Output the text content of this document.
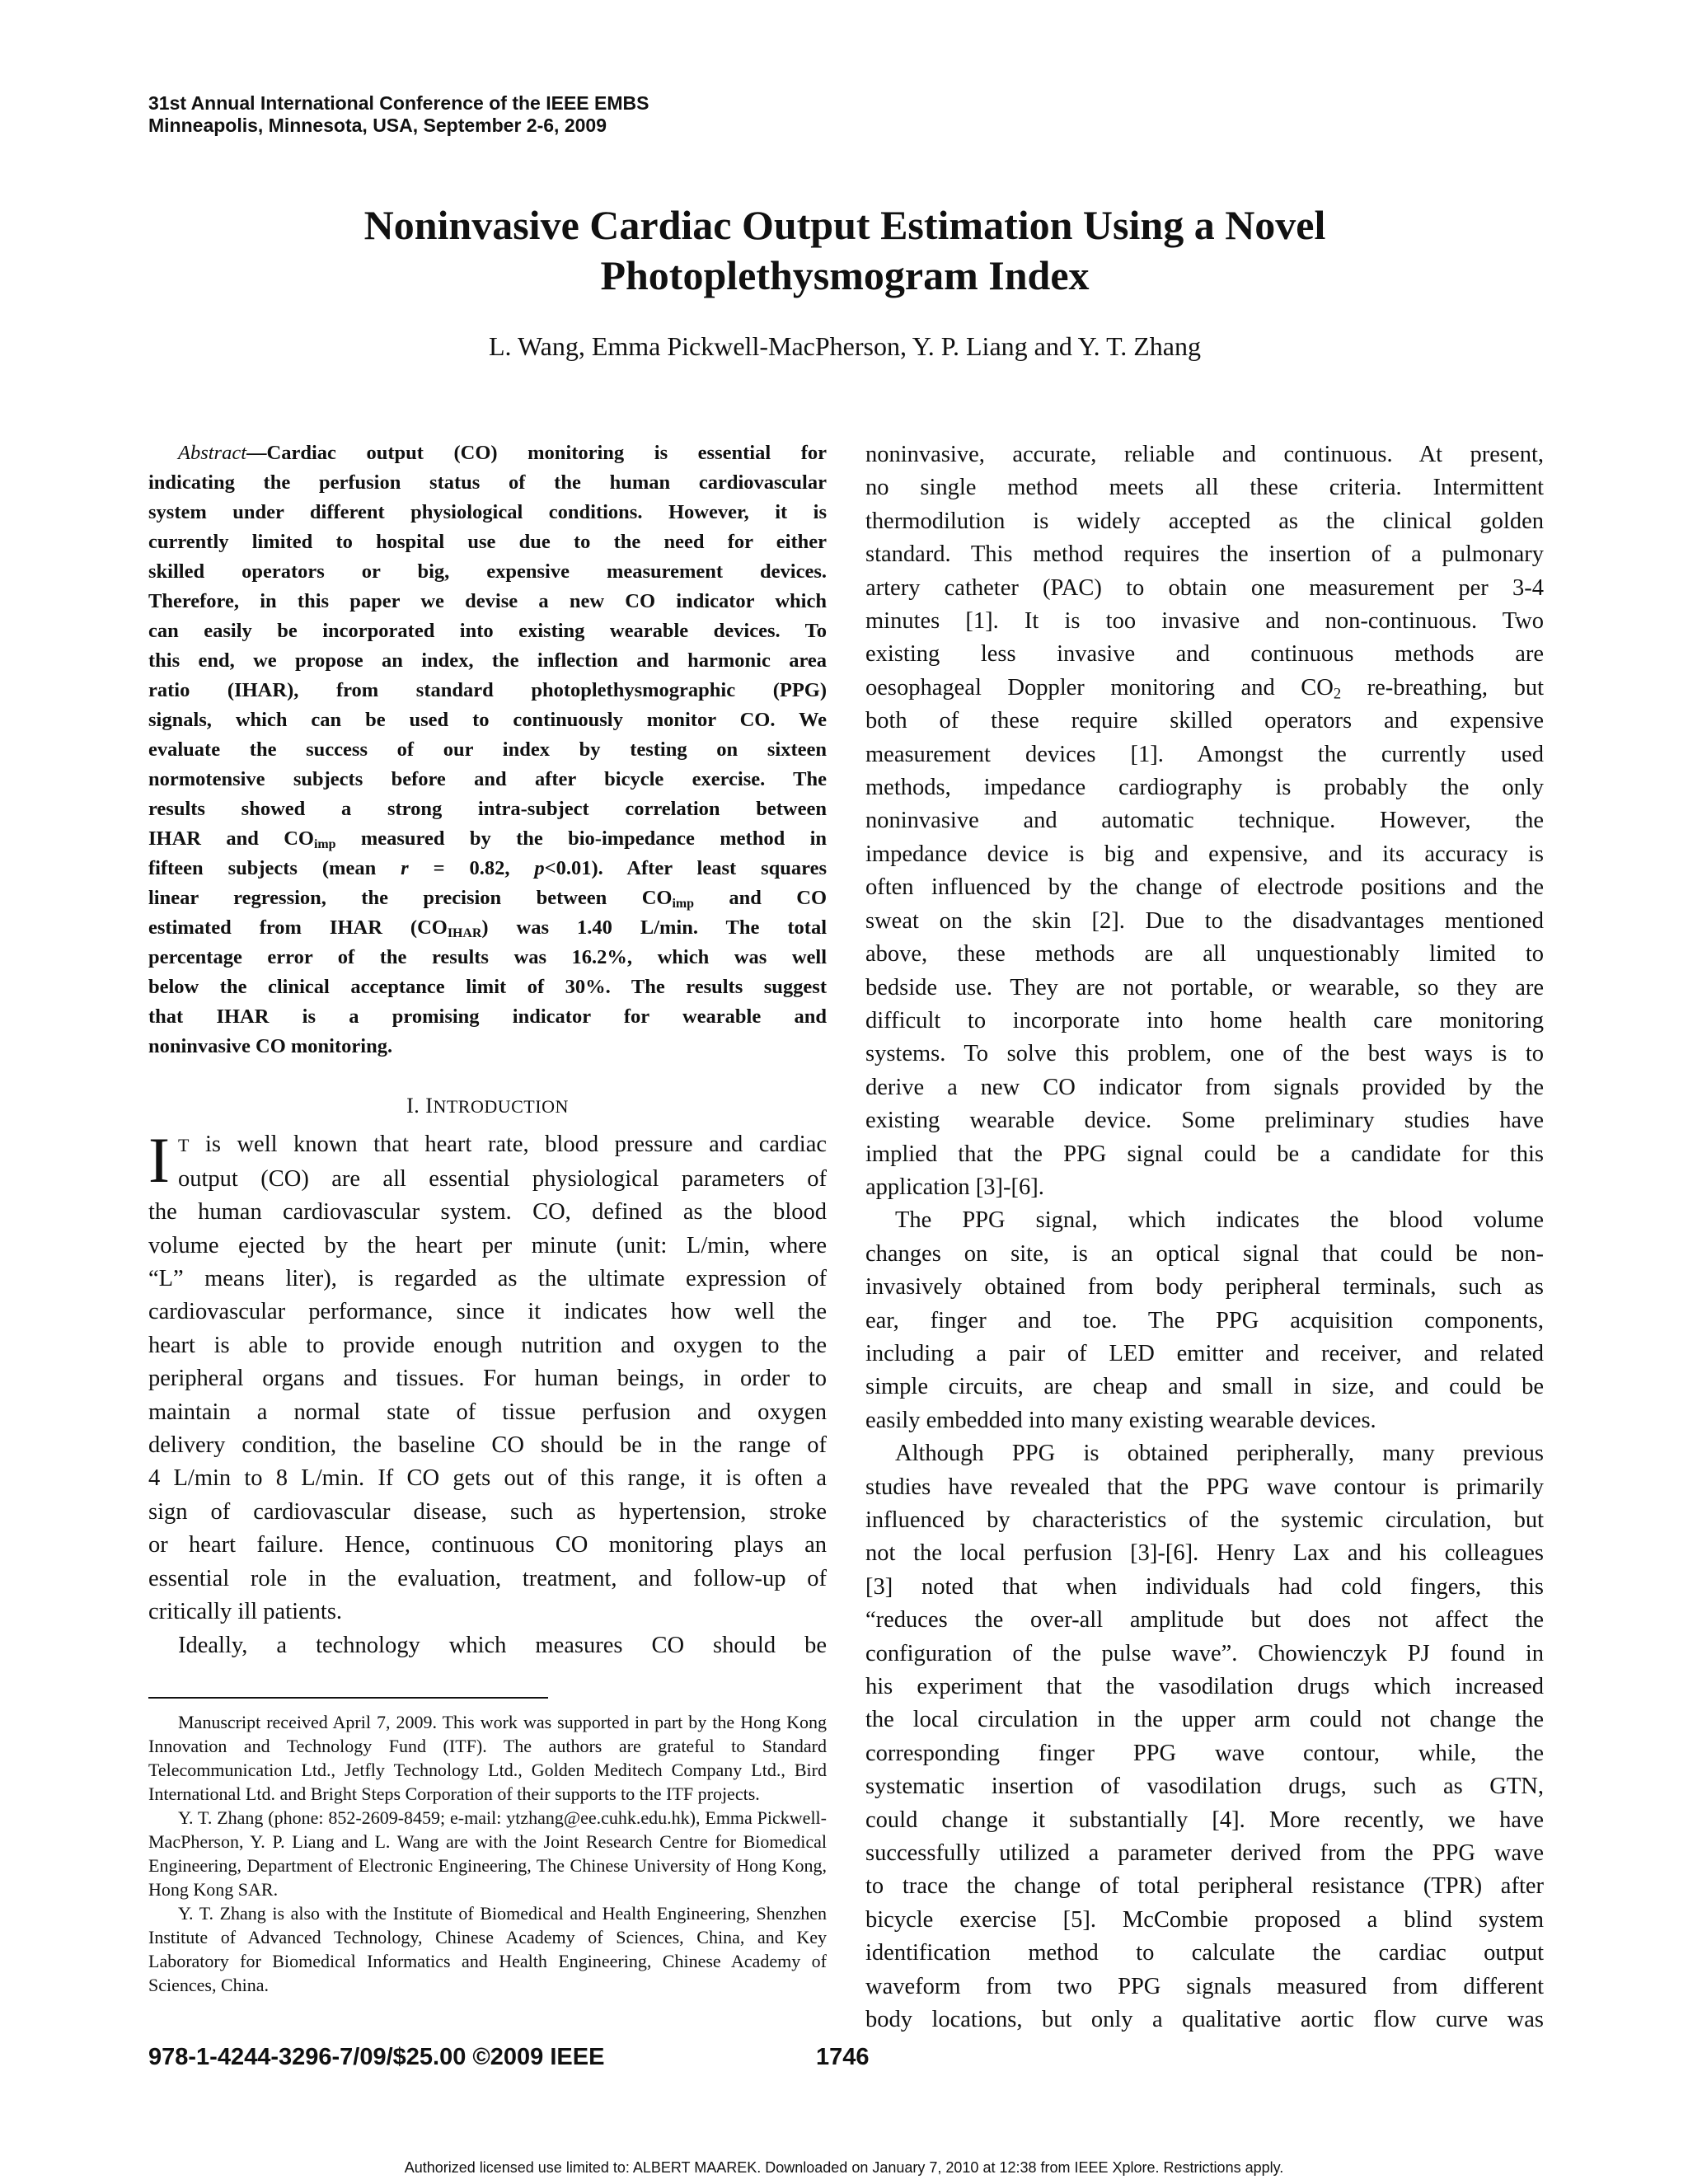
31st Annual International Conference of the IEEE EMBS
Minneapolis, Minnesota, USA, September 2-6, 2009
Noninvasive Cardiac Output Estimation Using a Novel
Photoplethysmogram Index
L. Wang, Emma Pickwell-MacPherson, Y. P. Liang and Y. T. Zhang

Abstract—Cardiac output (CO) monitoring is essential for

indicating the perfusion status of the human cardiovascular

system under different physiological conditions. However, it is

currently limited to hospital use due to the need for either

skilled operators or big, expensive measurement devices.

Therefore, in this paper we devise a new CO indicator which

can easily be incorporated into existing wearable devices. To

this end, we propose an index, the inflection and harmonic area

ratio (IHAR), from standard photoplethysmographic (PPG)

signals, which can be used to continuously monitor CO. We

evaluate the success of our index by testing on sixteen

normotensive subjects before and after bicycle exercise. The

results showed a strong intra-subject correlation between

IHAR and $CO_{imp}$ measured by the bio-impedance method in

fifteen subjects (mean r = 0.82, p<0.01). After least squares

linear regression, the precision between $CO_{imp}$ and CO

estimated from IHAR $(CO_{IHAR})$ was 1.40 L/min. The total

percentage error of the results was 16.2%, which was well

below the clinical acceptance limit of 30%. The results suggest

that IHAR is a promising indicator for wearable and

noninvasive CO monitoring.

I. INTRODUCTION
I T is well known that heart rate, blood pressure and cardiac

output (CO) are all essential physiological parameters of

the human cardiovascular system. CO, defined as the blood

volume ejected by the heart per minute (unit: L/min, where

“L” means liter), is regarded as the ultimate expression of

cardiovascular performance, since it indicates how well the

heart is able to provide enough nutrition and oxygen to the

peripheral organs and tissues. For human beings, in order to

maintain a normal state of tissue perfusion and oxygen

delivery condition, the baseline CO should be in the range of

4 L/min to 8 L/min. If CO gets out of this range, it is often a

sign of cardiovascular disease, such as hypertension, stroke

or heart failure. Hence, continuous CO monitoring plays an

essential role in the evaluation, treatment, and follow-up of

critically ill patients.

Ideally, a technology which measures CO should be

Manuscript received April 7, 2009. This work was supported in part by the Hong Kong Innovation and Technology Fund (ITF). The authors are grateful to Standard Telecommunication Ltd., Jetfly Technology Ltd., Golden Meditech Company Ltd., Bird International Ltd. and Bright Steps Corporation of their supports to the ITF projects.

Y. T. Zhang (phone: 852-2609-8459; e-mail: ytzhang@ee.cuhk.edu.hk), Emma Pickwell-MacPherson, Y. P. Liang and L. Wang are with the Joint Research Centre for Biomedical Engineering, Department of Electronic Engineering, The Chinese University of Hong Kong, Hong Kong SAR.

Y. T. Zhang is also with the Institute of Biomedical and Health Engineering, Shenzhen Institute of Advanced Technology, Chinese Academy of Sciences, China, and Key Laboratory for Biomedical Informatics and Health Engineering, Chinese Academy of Sciences, China.

noninvasive, accurate, reliable and continuous. At present,

no single method meets all these criteria. Intermittent

thermodilution is widely accepted as the clinical golden

standard. This method requires the insertion of a pulmonary

artery catheter (PAC) to obtain one measurement per 3-4

minutes [1]. It is too invasive and non-continuous. Two

existing less invasive and continuous methods are

oesophageal Doppler monitoring and $CO_2$ re-breathing, but

both of these require skilled operators and expensive

measurement devices [1]. Amongst the currently used

methods, impedance cardiography is probably the only

noninvasive and automatic technique. However, the

impedance device is big and expensive, and its accuracy is

often influenced by the change of electrode positions and the

sweat on the skin [2]. Due to the disadvantages mentioned

above, these methods are all unquestionably limited to

bedside use. They are not portable, or wearable, so they are

difficult to incorporate into home health care monitoring

systems. To solve this problem, one of the best ways is to

derive a new CO indicator from signals provided by the

existing wearable device. Some preliminary studies have

implied that the PPG signal could be a candidate for this

application [3]-[6].

The PPG signal, which indicates the blood volume

changes on site, is an optical signal that could be non-

invasively obtained from body peripheral terminals, such as

ear, finger and toe. The PPG acquisition components,

including a pair of LED emitter and receiver, and related

simple circuits, are cheap and small in size, and could be

easily embedded into many existing wearable devices.

Although PPG is obtained peripherally, many previous

studies have revealed that the PPG wave contour is primarily

influenced by characteristics of the systemic circulation, but

not the local perfusion [3]-[6]. Henry Lax and his colleagues

[3] noted that when individuals had cold fingers, this

“reduces the over-all amplitude but does not affect the

configuration of the pulse wave”. Chowienczyk PJ found in

his experiment that the vasodilation drugs which increased

the local circulation in the upper arm could not change the

corresponding finger PPG wave contour, while, the

systematic insertion of vasodilation drugs, such as GTN,

could change it substantially [4]. More recently, we have

successfully utilized a parameter derived from the PPG wave

to trace the change of total peripheral resistance (TPR) after

bicycle exercise [5]. McCombie proposed a blind system

identification method to calculate the cardiac output

waveform from two PPG signals measured from different

body locations, but only a qualitative aortic flow curve was

978-1-4244-3296-7/09/$25.00 ©2009 IEEE	1746
Authorized licensed use limited to: ALBERT MAAREK. Downloaded on January 7, 2010 at 12:38 from IEEE Xplore. Restrictions apply.
